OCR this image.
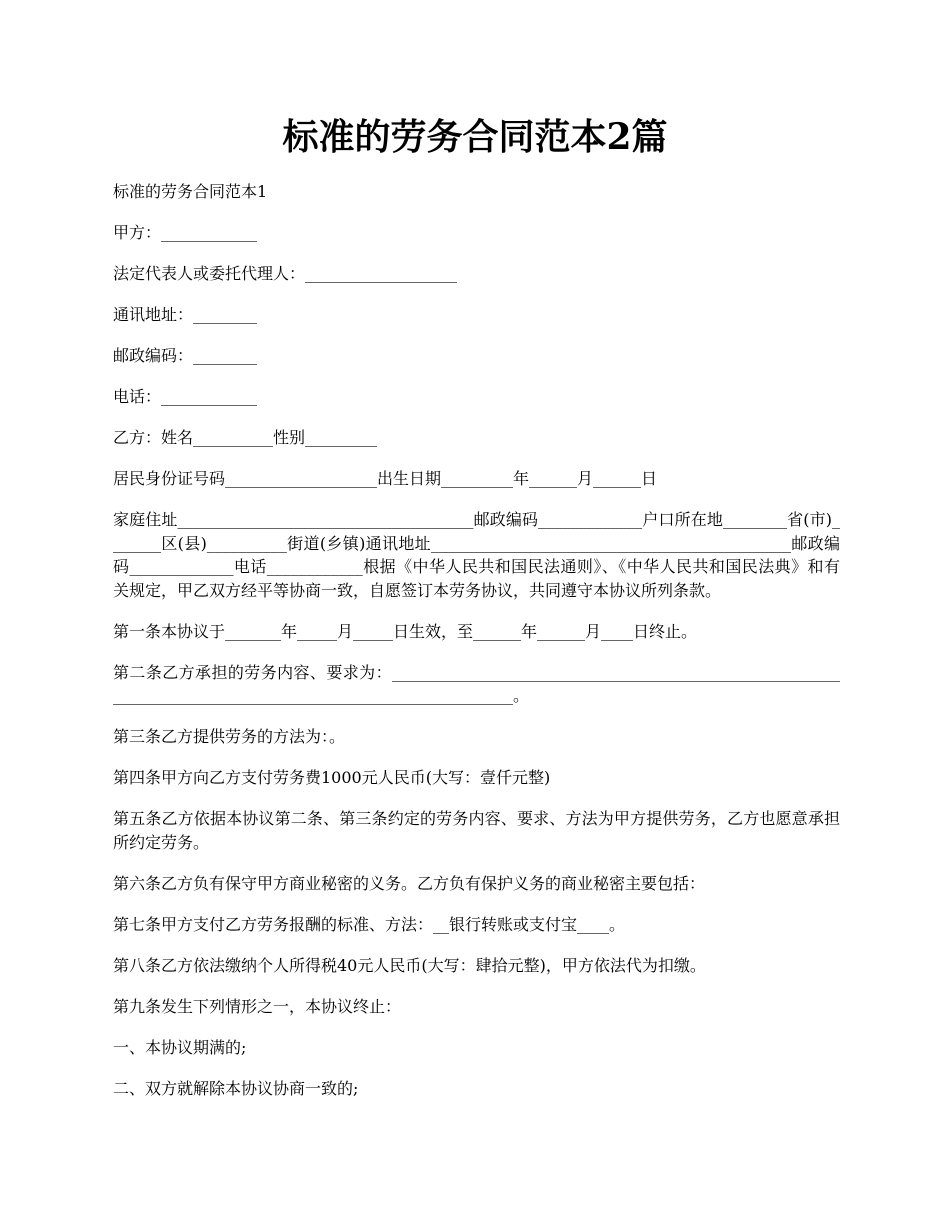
标准的劳务合同范本2篇

标准的劳务合同范本1

甲方：____________

法定代表人或委托代理人：___________________

通讯地址：________

邮政编码：________

电话：____________

乙方：姓名__________性别_________

居民身份证号码___________________出生日期_________年______月______日

家庭住址_____________________________________邮政编码_____________户口所在地________省(市)_______区(县)__________街道(乡镇)通讯地址_____________________________________________邮政编码_____________电话____________根据《中华人民共和国民法通则》、《中华人民共和国民法典》和有关规定，甲乙双方经平等协商一致，自愿签订本劳务协议，共同遵守本协议所列条款。

第一条本协议于_______年_____月_____日生效，至______年______月____日终止。

第二条乙方承担的劳务内容、要求为：__________________________________________________________________________________________________________。

第三条乙方提供劳务的方法为：。

第四条甲方向乙方支付劳务费1000元人民币(大写：壹仟元整)

第五条乙方依据本协议第二条、第三条约定的劳务内容、要求、方法为甲方提供劳务，乙方也愿意承担所约定劳务。

第六条乙方负有保守甲方商业秘密的义务。乙方负有保护义务的商业秘密主要包括：

第七条甲方支付乙方劳务报酬的标准、方法：__银行转账或支付宝____。

第八条乙方依法缴纳个人所得税40元人民币(大写：肆拾元整)，甲方依法代为扣缴。

第九条发生下列情形之一，本协议终止：

一、本协议期满的;

二、双方就解除本协议协商一致的;
